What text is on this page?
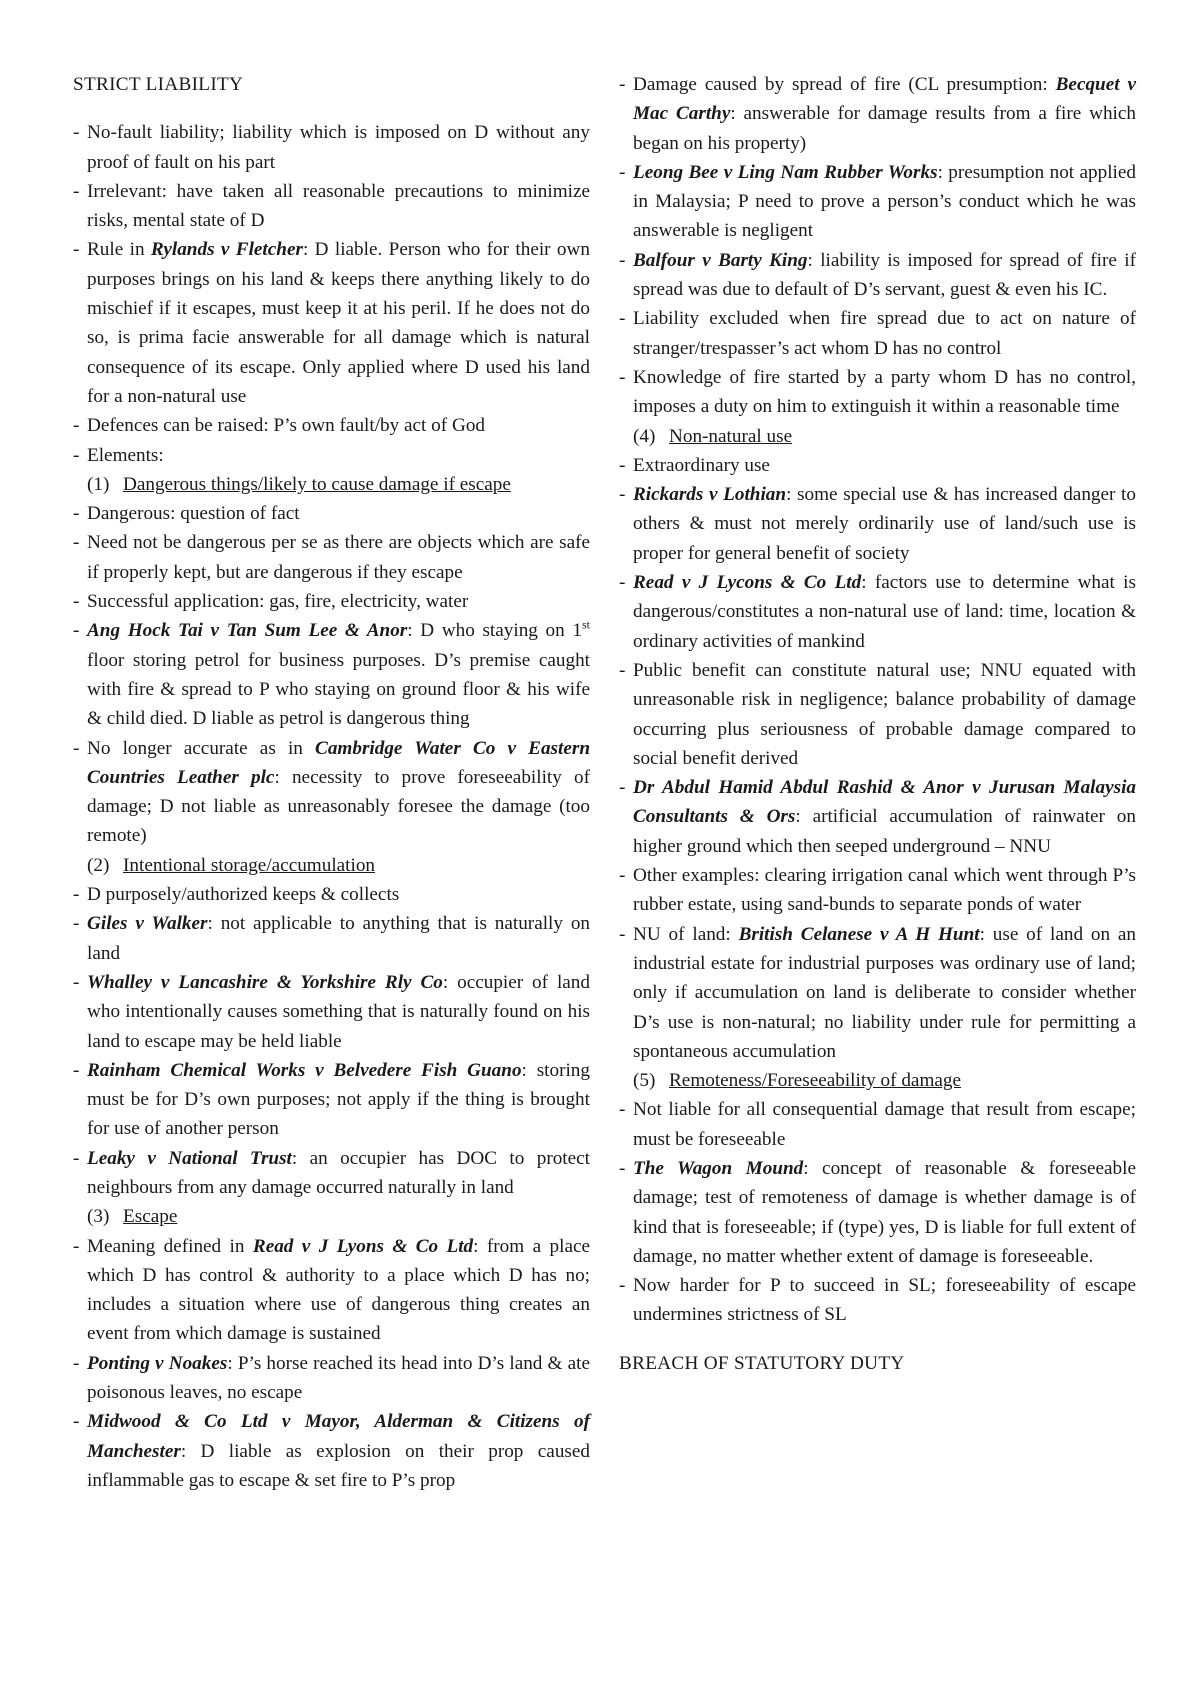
STRICT LIABILITY
- No-fault liability; liability which is imposed on D without any proof of fault on his part
- Irrelevant: have taken all reasonable precautions to minimize risks, mental state of D
- Rule in Rylands v Fletcher: D liable. Person who for their own purposes brings on his land & keeps there anything likely to do mischief if it escapes, must keep it at his peril. If he does not do so, is prima facie answerable for all damage which is natural consequence of its escape. Only applied where D used his land for a non-natural use
- Defences can be raised: P’s own fault/by act of God
- Elements:
(1) Dangerous things/likely to cause damage if escape
- Dangerous: question of fact
- Need not be dangerous per se as there are objects which are safe if properly kept, but are dangerous if they escape
- Successful application: gas, fire, electricity, water
- Ang Hock Tai v Tan Sum Lee & Anor: D who staying on 1st floor storing petrol for business purposes. D’s premise caught with fire & spread to P who staying on ground floor & his wife & child died. D liable as petrol is dangerous thing
- No longer accurate as in Cambridge Water Co v Eastern Countries Leather plc: necessity to prove foreseeability of damage; D not liable as unreasonably foresee the damage (too remote)
(2) Intentional storage/accumulation
- D purposely/authorized keeps & collects
- Giles v Walker: not applicable to anything that is naturally on land
- Whalley v Lancashire & Yorkshire Rly Co: occupier of land who intentionally causes something that is naturally found on his land to escape may be held liable
- Rainham Chemical Works v Belvedere Fish Guano: storing must be for D’s own purposes; not apply if the thing is brought for use of another person
- Leaky v National Trust: an occupier has DOC to protect neighbours from any damage occurred naturally in land
(3) Escape
- Meaning defined in Read v J Lyons & Co Ltd: from a place which D has control & authority to a place which D has no; includes a situation where use of dangerous thing creates an event from which damage is sustained
- Ponting v Noakes: P’s horse reached its head into D’s land & ate poisonous leaves, no escape
- Midwood & Co Ltd v Mayor, Alderman & Citizens of Manchester: D liable as explosion on their prop caused inflammable gas to escape & set fire to P’s prop
- Damage caused by spread of fire (CL presumption: Becquet v Mac Carthy: answerable for damage results from a fire which began on his property)
- Leong Bee v Ling Nam Rubber Works: presumption not applied in Malaysia; P need to prove a person’s conduct which he was answerable is negligent
- Balfour v Barty King: liability is imposed for spread of fire if spread was due to default of D’s servant, guest & even his IC.
- Liability excluded when fire spread due to act on nature of stranger/trespasser’s act whom D has no control
- Knowledge of fire started by a party whom D has no control, imposes a duty on him to extinguish it within a reasonable time
(4) Non-natural use
- Extraordinary use
- Rickards v Lothian: some special use & has increased danger to others & must not merely ordinarily use of land/such use is proper for general benefit of society
- Read v J Lycons & Co Ltd: factors use to determine what is dangerous/constitutes a non-natural use of land: time, location & ordinary activities of mankind
- Public benefit can constitute natural use; NNU equated with unreasonable risk in negligence; balance probability of damage occurring plus seriousness of probable damage compared to social benefit derived
- Dr Abdul Hamid Abdul Rashid & Anor v Jurusan Malaysia Consultants & Ors: artificial accumulation of rainwater on higher ground which then seeped underground – NNU
- Other examples: clearing irrigation canal which went through P’s rubber estate, using sand-bunds to separate ponds of water
- NU of land: British Celanese v A H Hunt: use of land on an industrial estate for industrial purposes was ordinary use of land; only if accumulation on land is deliberate to consider whether D’s use is non-natural; no liability under rule for permitting a spontaneous accumulation
(5) Remoteness/Foreseeability of damage
- Not liable for all consequential damage that result from escape; must be foreseeable
- The Wagon Mound: concept of reasonable & foreseeable damage; test of remoteness of damage is whether damage is of kind that is foreseeable; if (type) yes, D is liable for full extent of damage, no matter whether extent of damage is foreseeable.
- Now harder for P to succeed in SL; foreseeability of escape undermines strictness of SL
BREACH OF STATUTORY DUTY
